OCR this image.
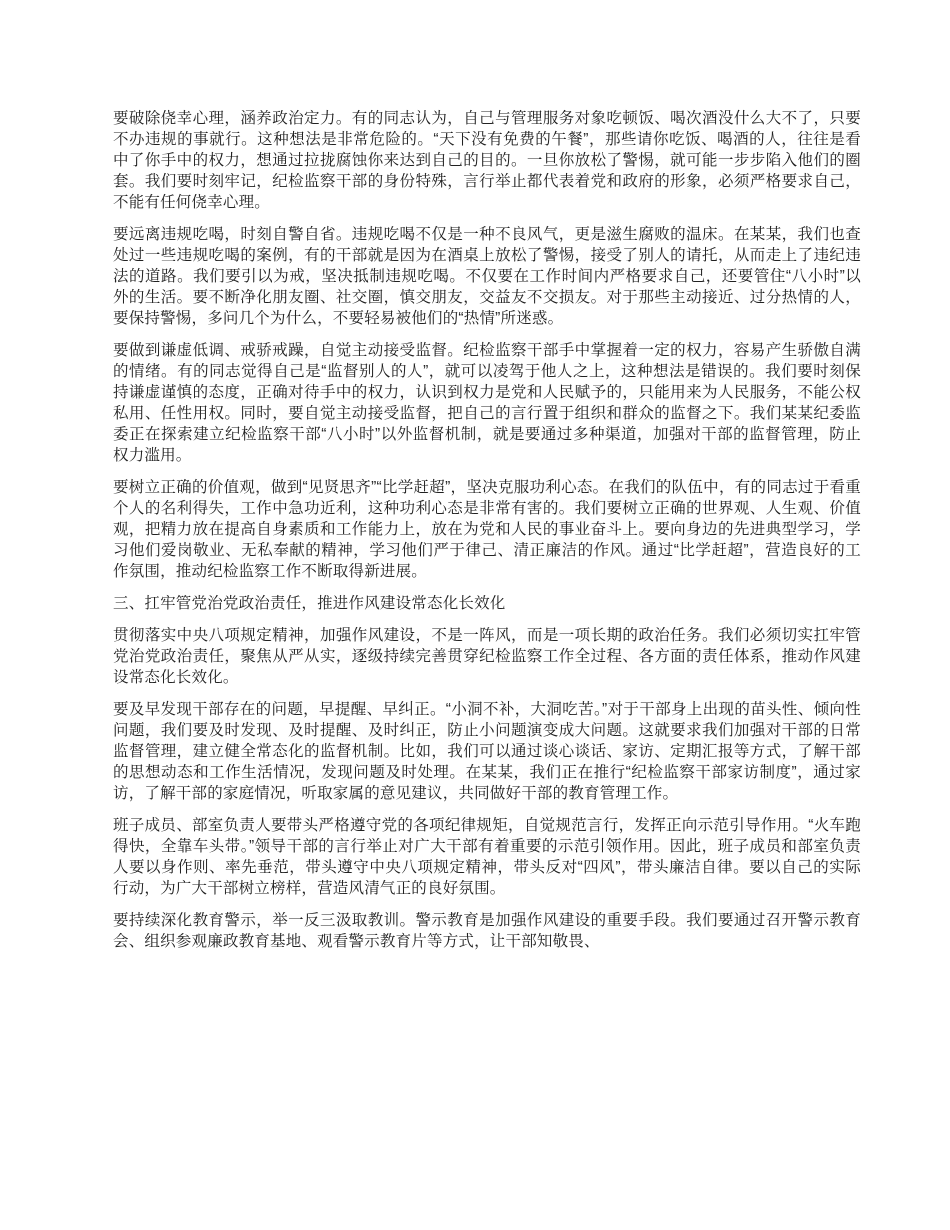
要破除侥幸心理，涵养政治定力。有的同志认为，自己与管理服务对象吃顿饭、喝次酒没什么大不了，只要不办违规的事就行。这种想法是非常危险的。“天下没有免费的午餐”，那些请你吃饭、喝酒的人，往往是看中了你手中的权力，想通过拉拢腐蚀你来达到自己的目的。一旦你放松了警惕，就可能一步步陷入他们的圈套。我们要时刻牢记，纪检监察干部的身份特殊，言行举止都代表着党和政府的形象，必须严格要求自己，不能有任何侥幸心理。

要远离违规吃喝，时刻自警自省。违规吃喝不仅是一种不良风气，更是滋生腐败的温床。在某某，我们也查处过一些违规吃喝的案例，有的干部就是因为在酒桌上放松了警惕，接受了别人的请托，从而走上了违纪违法的道路。我们要引以为戒，坚决抵制违规吃喝。不仅要在工作时间内严格要求自己，还要管住“八小时”以外的生活。要不断净化朋友圈、社交圈，慎交朋友，交益友不交损友。对于那些主动接近、过分热情的人，要保持警惕，多问几个为什么，不要轻易被他们的“热情”所迷惑。

要做到谦虚低调、戒骄戒躁，自觉主动接受监督。纪检监察干部手中掌握着一定的权力，容易产生骄傲自满的情绪。有的同志觉得自己是“监督别人的人”，就可以凌驾于他人之上，这种想法是错误的。我们要时刻保持谦虚谨慎的态度，正确对待手中的权力，认识到权力是党和人民赋予的，只能用来为人民服务，不能公权私用、任性用权。同时，要自觉主动接受监督，把自己的言行置于组织和群众的监督之下。我们某某纪委监委正在探索建立纪检监察干部“八小时”以外监督机制，就是要通过多种渠道，加强对干部的监督管理，防止权力滥用。

要树立正确的价值观，做到“见贤思齐”“比学赶超”，坚决克服功利心态。在我们的队伍中，有的同志过于看重个人的名利得失，工作中急功近利，这种功利心态是非常有害的。我们要树立正确的世界观、人生观、价值观，把精力放在提高自身素质和工作能力上，放在为党和人民的事业奋斗上。要向身边的先进典型学习，学习他们爱岗敬业、无私奉献的精神，学习他们严于律己、清正廉洁的作风。通过“比学赶超”，营造良好的工作氛围，推动纪检监察工作不断取得新进展。

三、扛牢管党治党政治责任，推进作风建设常态化长效化

贯彻落实中央八项规定精神，加强作风建设，不是一阵风，而是一项长期的政治任务。我们必须切实扛牢管党治党政治责任，聚焦从严从实，逐级持续完善贯穿纪检监察工作全过程、各方面的责任体系，推动作风建设常态化长效化。

要及早发现干部存在的问题，早提醒、早纠正。“小洞不补，大洞吃苦。”对于干部身上出现的苗头性、倾向性问题，我们要及时发现、及时提醒、及时纠正，防止小问题演变成大问题。这就要求我们加强对干部的日常监督管理，建立健全常态化的监督机制。比如，我们可以通过谈心谈话、家访、定期汇报等方式，了解干部的思想动态和工作生活情况，发现问题及时处理。在某某，我们正在推行“纪检监察干部家访制度”，通过家访，了解干部的家庭情况，听取家属的意见建议，共同做好干部的教育管理工作。

班子成员、部室负责人要带头严格遵守党的各项纪律规矩，自觉规范言行，发挥正向示范引导作用。“火车跑得快，全靠车头带。”领导干部的言行举止对广大干部有着重要的示范引领作用。因此，班子成员和部室负责人要以身作则、率先垂范，带头遵守中央八项规定精神，带头反对“四风”，带头廉洁自律。要以自己的实际行动，为广大干部树立榜样，营造风清气正的良好氛围。

要持续深化教育警示，举一反三汲取教训。警示教育是加强作风建设的重要手段。我们要通过召开警示教育会、组织参观廉政教育基地、观看警示教育片等方式，让干部知敬畏、
